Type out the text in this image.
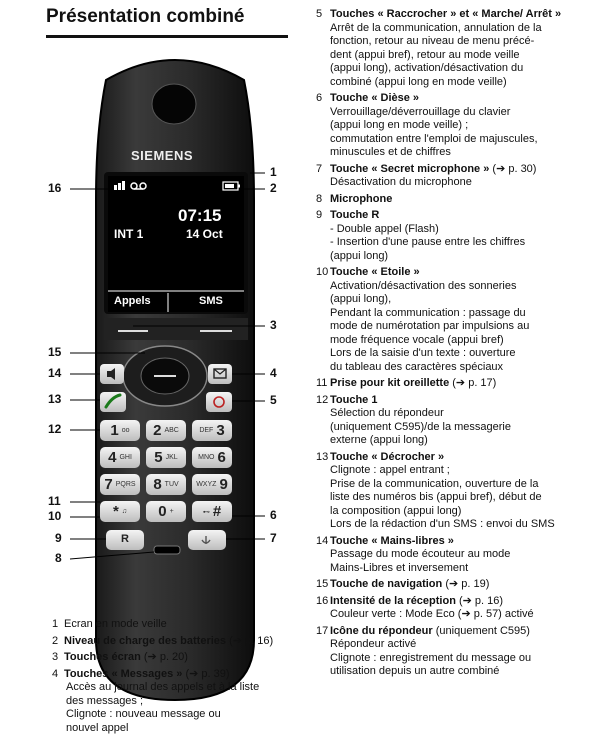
Présentation combiné
SIEMENS
07:15
INT 1	14 Oct
Appels	SMS
1 oo 2 ABC	DEF 3
4 GHI 5 JKL	MNO 6
7 PQRS 8 TUV	WXYZ 9
* ♫ 0 +	⊷ #
R
16
15
14
13
12
11
10
9
8
1
2
3
4
5
6
7
1 Ecran en mode veille
2 Niveau de charge des batteries (➔ p. 16)
3 Touches écran (➔ p. 20)
4 Touches « Messages » (➔ p. 39)
Accès au journal des appels et à la liste
des messages ;
Clignote : nouveau message ou
nouvel appel
5 Touches « Raccrocher » et « Marche/ Arrêt »
Arrêt de la communication, annulation de la
fonction, retour au niveau de menu précé-
dent (appui bref), retour au mode veille
(appui long), activation/désactivation du
combiné (appui long en mode veille)
6 Touche « Dièse »
Verrouillage/déverrouillage du clavier
(appui long en mode veille) ;
commutation entre l'emploi de majuscules,
minuscules et de chiffres
7 Touche « Secret microphone » (➔ p. 30)
Désactivation du microphone
8 Microphone
9 Touche R
- Double appel (Flash)
- Insertion d'une pause entre les chiffres
(appui long)
10 Touche « Etoile »
Activation/désactivation des sonneries
(appui long),
Pendant la communication : passage du
mode de numérotation par impulsions au
mode fréquence vocale (appui bref)
Lors de la saisie d'un texte : ouverture
du tableau des caractères spéciaux
11 Prise pour kit oreillette (➔ p. 17)
12 Touche 1
Sélection du répondeur
(uniquement C595)/de la messagerie
externe (appui long)
13 Touche « Décrocher »
Clignote : appel entrant ;
Prise de la communication, ouverture de la
liste des numéros bis (appui bref), début de
la composition (appui long)
Lors de la rédaction d'un SMS : envoi du SMS
14 Touche « Mains-libres »
Passage du mode écouteur au mode
Mains-Libres et inversement
15 Touche de navigation (➔ p. 19)
16 Intensité de la réception (➔ p. 16)
Couleur verte : Mode Eco (➔ p. 57) activé
17 Icône du répondeur (uniquement C595)
Répondeur activé
Clignote : enregistrement du message ou
utilisation depuis un autre combiné
